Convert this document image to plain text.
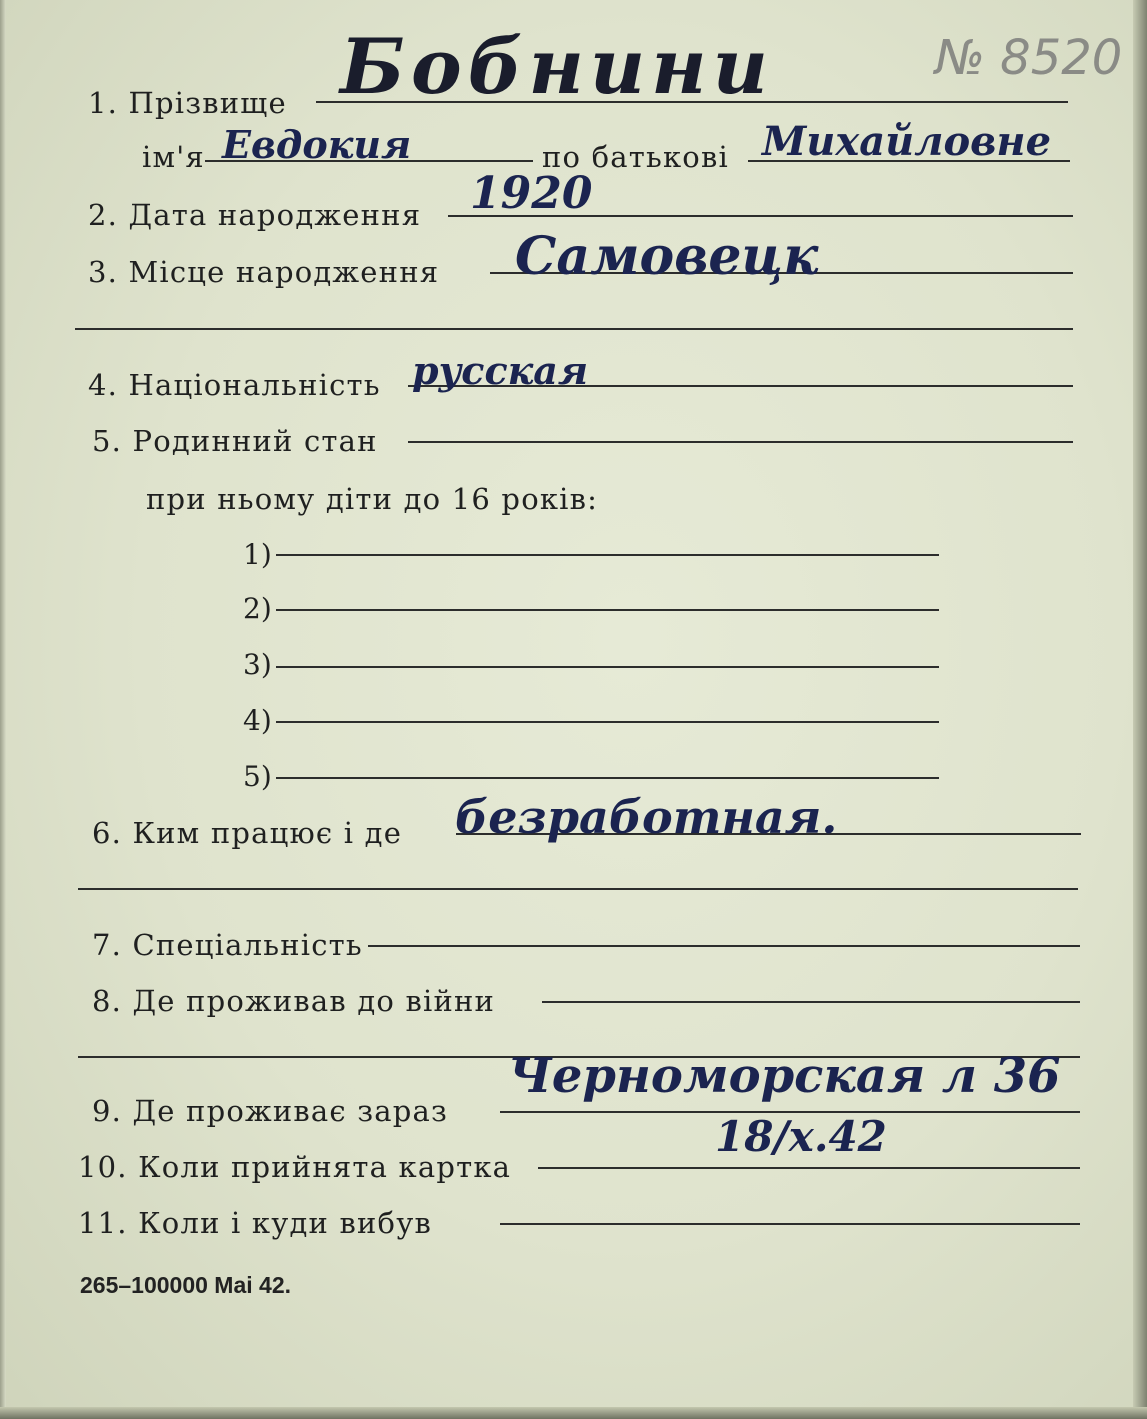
№ 8520
1. Прізвище Бобнини
ім'я Евдокия	по батькові Михайловне
2. Дата народження 1920
3. Місце народження Самовецк
4. Національність русская
5. Родинний стан
при ньому діти до 16 років:
1)
2)
3)
4)
5)
6. Ким працює і де безработная.
7. Спеціальність
8. Де проживав до війни
9. Де проживає зараз
Черноморская л 36
10. Коли прийнята картка
18/х.42
11. Коли і куди вибув
265–100000 Mai 42.
